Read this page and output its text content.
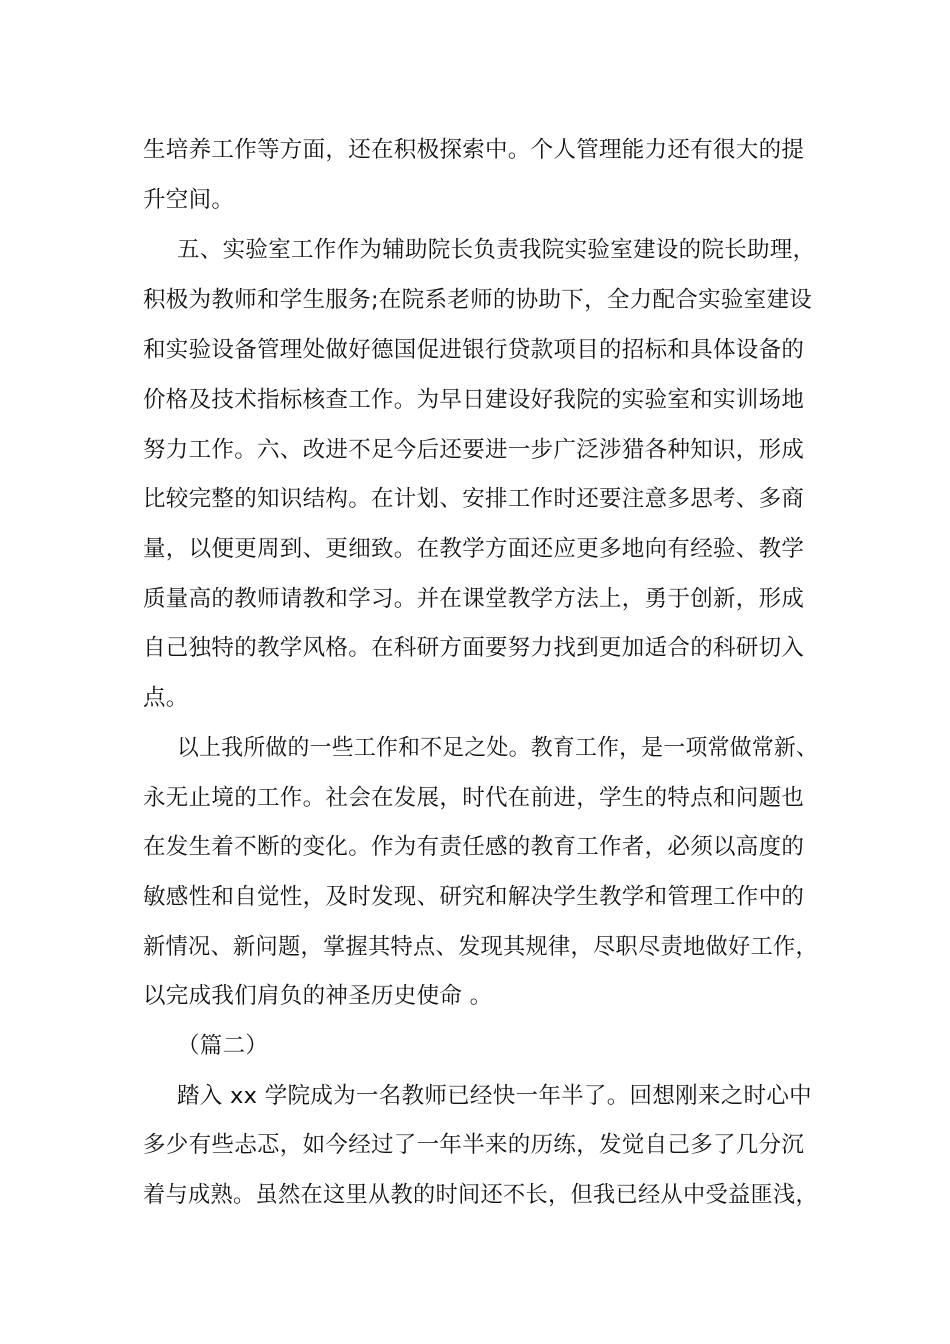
生培养工作等方面，还在积极探索中。个人管理能力还有很大的提
升空间。
五、实验室工作作为辅助院长负责我院实验室建设的院长助理，
积极为教师和学生服务;在院系老师的协助下，全力配合实验室建设
和实验设备管理处做好德国促进银行贷款项目的招标和具体设备的
价格及技术指标核查工作。为早日建设好我院的实验室和实训场地
努力工作。六、改进不足今后还要进一步广泛涉猎各种知识，形成
比较完整的知识结构。在计划、安排工作时还要注意多思考、多商
量，以便更周到、更细致。在教学方面还应更多地向有经验、教学
质量高的教师请教和学习。并在课堂教学方法上，勇于创新，形成
自己独特的教学风格。在科研方面要努力找到更加适合的科研切入
点。
以上我所做的一些工作和不足之处。教育工作，是一项常做常新、
永无止境的工作。社会在发展，时代在前进，学生的特点和问题也
在发生着不断的变化。作为有责任感的教育工作者，必须以高度的
敏感性和自觉性，及时发现、研究和解决学生教学和管理工作中的
新情况、新问题，掌握其特点、发现其规律，尽职尽责地做好工作，
以完成我们肩负的神圣历史使命 。
（篇二）
踏入 xx 学院成为一名教师已经快一年半了。回想刚来之时心中
多少有些忐忑，如今经过了一年半来的历练，发觉自己多了几分沉
着与成熟。虽然在这里从教的时间还不长，但我已经从中受益匪浅，
